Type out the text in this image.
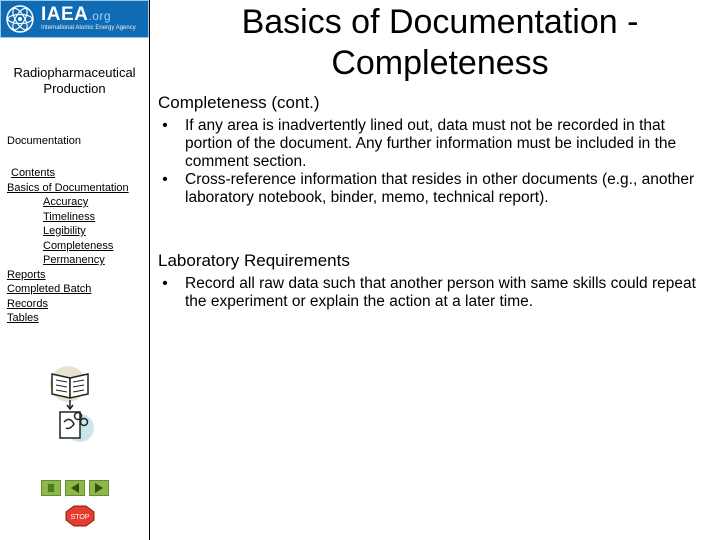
IAEA.org
International Atomic Energy Agency
Radiopharmaceutical Production
Documentation
Contents
Basics of Documentation
Accuracy
Timeliness
Legibility
Completeness
Permanency
Reports
Completed Batch
Records
Tables
STOP
Basics of Documentation - Completeness
Completeness (cont.)
• If any area is inadvertently lined out, data must not be recorded in that portion of the document. Any further information must be included in the comment section.
• Cross-reference information that resides in other documents (e.g., another laboratory notebook, binder, memo, technical report).
Laboratory Requirements
• Record all raw data such that another person with same skills could repeat the experiment or explain the action at a later time.
